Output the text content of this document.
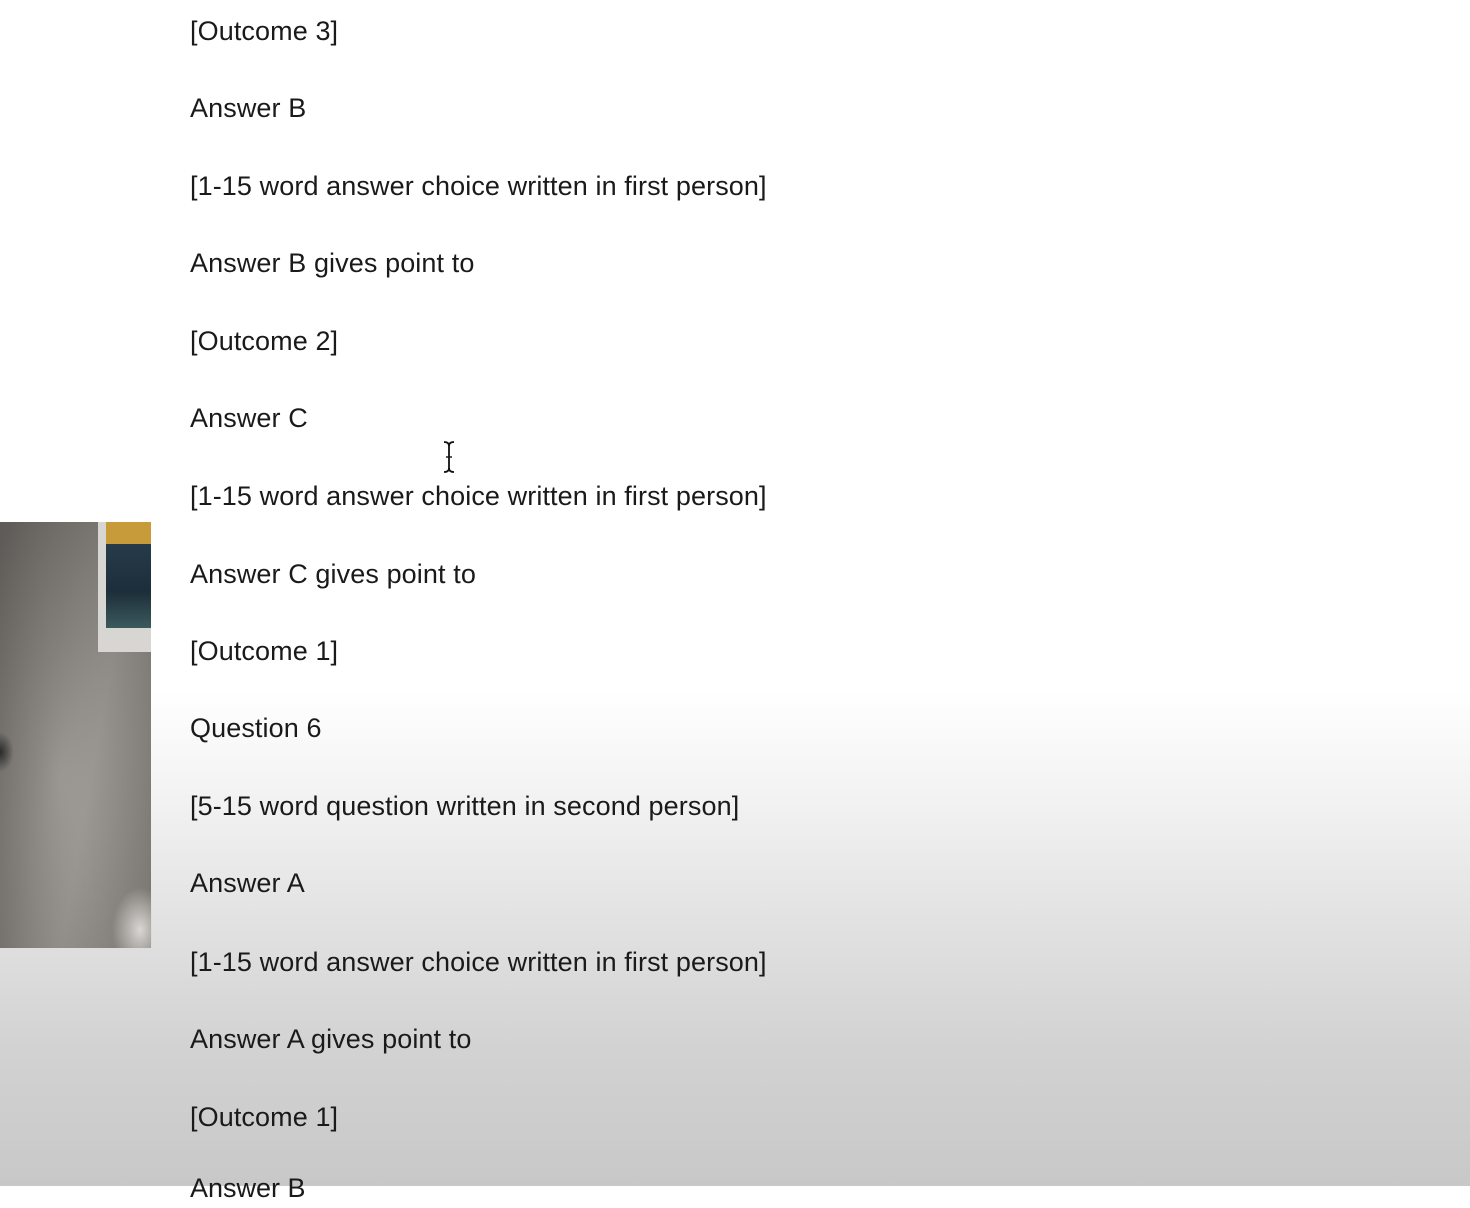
[Outcome 3]
Answer B
[1-15 word answer choice written in first person]
Answer B gives point to
[Outcome 2]
Answer C
[1-15 word answer choice written in first person]
Answer C gives point to
[Outcome 1]
Question 6
[5-15 word question written in second person]
Answer A
[1-15 word answer choice written in first person]
Answer A gives point to
[Outcome 1]
Answer B
